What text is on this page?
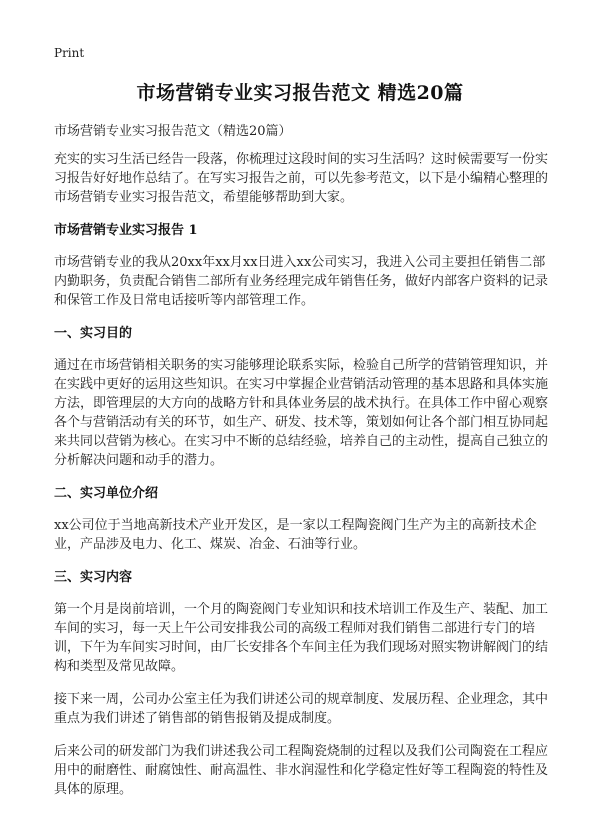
Print
市场营销专业实习报告范文 精选20篇
市场营销专业实习报告范文（精选20篇）

充实的实习生活已经告一段落，你梳理过这段时间的实习生活吗？这时候需要写一份实习报告好好地作总结了。在写实习报告之前，可以先参考范文，以下是小编精心整理的市场营销专业实习报告范文，希望能够帮助到大家。

市场营销专业实习报告 1

市场营销专业的我从20xx年xx月xx日进入xx公司实习，我进入公司主要担任销售二部内勤职务，负责配合销售二部所有业务经理完成年销售任务，做好内部客户资料的记录和保管工作及日常电话接听等内部管理工作。

一、实习目的

通过在市场营销相关职务的实习能够理论联系实际，检验自己所学的营销管理知识，并在实践中更好的运用这些知识。在实习中掌握企业营销活动管理的基本思路和具体实施方法，即管理层的大方向的战略方针和具体业务层的战术执行。在具体工作中留心观察各个与营销活动有关的环节，如生产、研发、技术等，策划如何让各个部门相互协同起来共同以营销为核心。在实习中不断的总结经验，培养自己的主动性，提高自己独立的分析解决问题和动手的潜力。

二、实习单位介绍

xx公司位于当地高新技术产业开发区，是一家以工程陶瓷阀门生产为主的高新技术企业，产品涉及电力、化工、煤炭、冶金、石油等行业。

三、实习内容

第一个月是岗前培训，一个月的陶瓷阀门专业知识和技术培训工作及生产、装配、加工车间的实习，每一天上午公司安排我公司的高级工程师对我们销售二部进行专门的培训，下午为车间实习时间，由厂长安排各个车间主任为我们现场对照实物讲解阀门的结构和类型及常见故障。

接下来一周，公司办公室主任为我们讲述公司的规章制度、发展历程、企业理念，其中重点为我们讲述了销售部的销售报销及提成制度。

后来公司的研发部门为我们讲述我公司工程陶瓷烧制的过程以及我们公司陶瓷在工程应用中的耐磨性、耐腐蚀性、耐高温性、非水润湿性和化学稳定性好等工程陶瓷的特性及具体的原理。
